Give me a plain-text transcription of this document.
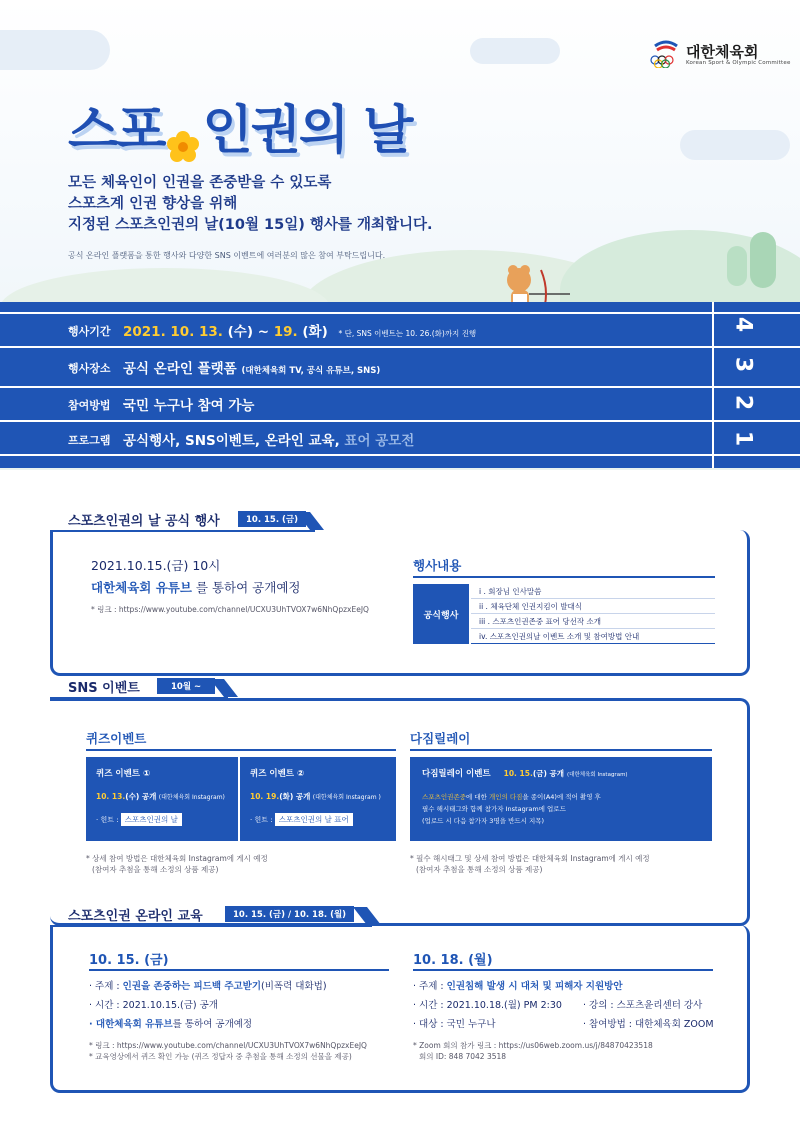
대한체육회
Korean Sport & Olympic Committee
스포 인권의 날
모든 체육인이 인권을 존중받을 수 있도록
스포츠계 인권 향상을 위해
지정된 스포츠인권의 날(10월 15일) 행사를 개최합니다.
공식 온라인 플랫폼을 통한 행사와 다양한 SNS 이벤트에 여러분의 많은 참여 부탁드립니다.
행사기간 2021. 10. 13. (수) ~ 19. (화) * 단, SNS 이벤트는 10. 26.(화)까지 진행
행사장소 공식 온라인 플랫폼 (대한체육회 TV, 공식 유튜브, SNS)
참여방법 국민 누구나 참여 가능
프로그램 공식행사, SNS이벤트, 온라인 교육, 표어 공모전
4
3
2
1
스포츠인권의 날 공식 행사	10. 15. (금)
2021.10.15.(금) 10시
대한체육회 유튜브 를 통하여 공개예정
* 링크 : https://www.youtube.com/channel/UCXU3UhTVOX7w6NhQpzxEeJQ
행사내용
공식행사
i . 회장님 인사말씀
ii . 체육단체 인권지킴이 발대식
iii . 스포츠인권존중 표어 당선작 소개
iv. 스포츠인권의날 이벤트 소개 및 참여방법 안내
SNS 이벤트	10월 ~
퀴즈이벤트
퀴즈 이벤트 ①
10. 13.(수) 공개 (대한체육회 Instagram)
· 힌트 : 스포츠인권의 날
퀴즈 이벤트 ②
10. 19.(화) 공개 (대한체육회 Instagram )
· 힌트 : 스포츠인권의 날 표어
* 상세 참여 방법은 대한체육회 Instagram에 게시 예정
(참여자 추첨을 통해 소정의 상품 제공)
다짐릴레이
다짐릴레이 이벤트 10. 15.(금) 공개 (대한체육회 Instagram)
스포츠인권존중에 대한 개인의 다짐을 종이(A4)에 적어 촬영 후
필수 해시태그와 함께 참가자 Instagram에 업로드
(업로드 시 다음 참가자 3명을 반드시 지목)
* 필수 해시태그 및 상세 참여 방법은 대한체육회 Instagram에 게시 예정
(참여자 추첨을 통해 소정의 상품 제공)
스포츠인권 온라인 교육	10. 15. (금) / 10. 18. (월)
10. 15. (금)
· 주제 : 인권을 존중하는 피드백 주고받기(비폭력 대화법)
· 시간 : 2021.10.15.(금) 공개
· 대한체육회 유튜브를 통하여 공개예정
* 링크 : https://www.youtube.com/channel/UCXU3UhTVOX7w6NhQpzxEeJQ
* 교육영상에서 퀴즈 확인 가능 (퀴즈 정답자 중 추첨을 통해 소정의 선물을 제공)
10. 18. (월)
· 주제 : 인권침해 발생 시 대처 및 피해자 지원방안
· 시간 : 2021.10.18.(월) PM 2:30 · 강의 : 스포츠윤리센터 강사
· 대상 : 국민 누구나	· 참여방법 : 대한체육회 ZOOM
* Zoom 회의 참가 링크 : https://us06web.zoom.us/j/84870423518
회의 ID: 848 7042 3518
